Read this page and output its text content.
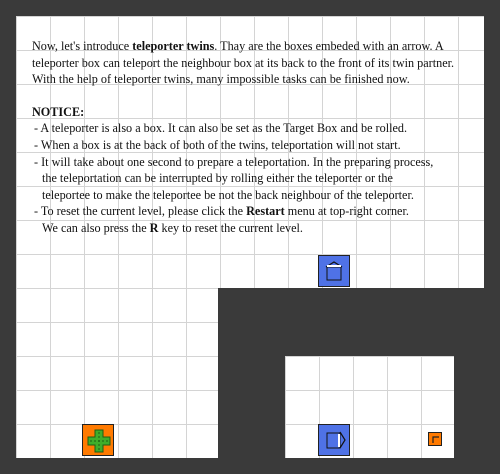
Now, let's introduce teleporter twins. Thay are the boxes embeded with an arrow. A teleporter box can teleport the neighbour box at its back to the front of its twin partner. With the help of teleporter twins, many impossible tasks can be finished now.

NOTICE:

- A teleporter is also a box. It can also be set as the Target Box and be rolled.

- When a box is at the back of both of the twins, teleportation will not start.

- It will take about one second to prepare a teleportation. In the preparing process,
the teleportation can be interrupted by rolling either the teleporter or the
teleportee to make the teleportee be not the back neighbour of the teleporter.

- To reset the current level, please click the Restart menu at top-right corner.
We can also press the R key to reset the current level.
